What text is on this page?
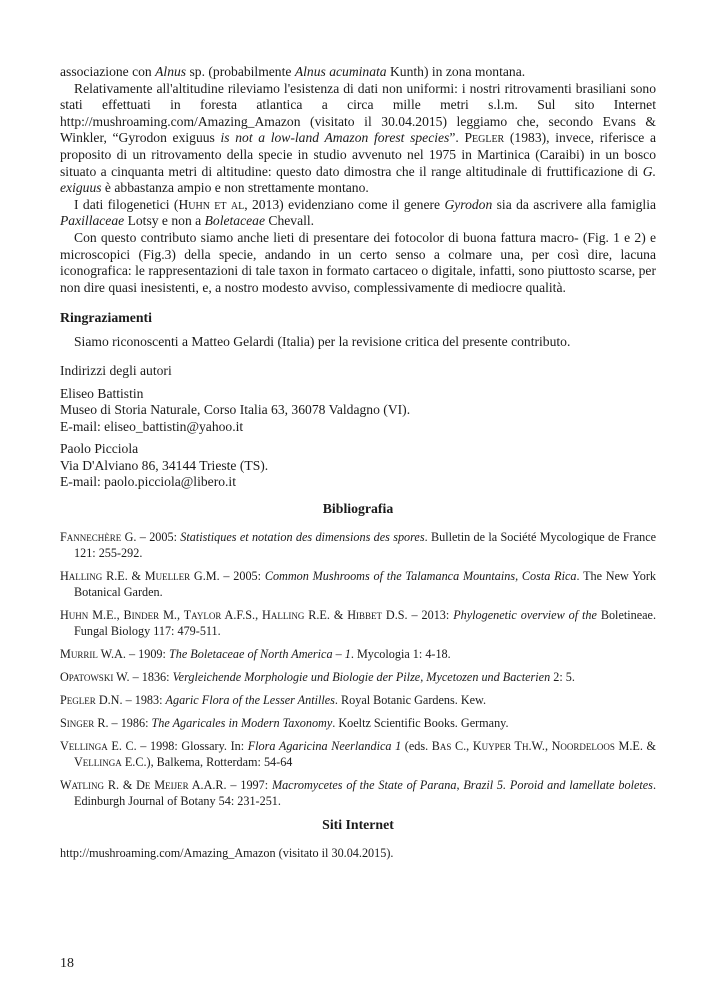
associazione con Alnus sp. (probabilmente Alnus acuminata Kunth) in zona montana.

Relativamente all'altitudine rileviamo l'esistenza di dati non uniformi: i nostri ritrovamenti brasiliani sono stati effettuati in foresta atlantica a circa mille metri s.l.m. Sul sito Internet http://mushroaming.com/Amazing_Amazon (visitato il 30.04.2015) leggiamo che, secondo Evans & Winkler, “Gyrodon exiguus is not a low-land Amazon forest species”. Pegler (1983), invece, riferisce a proposito di un ritrovamento della specie in studio avvenuto nel 1975 in Martinica (Caraibi) in un bosco situato a cinquanta metri di altitudine: questo dato dimostra che il range altitudinale di fruttificazione di G. exiguus è abbastanza ampio e non strettamente montano.

I dati filogenetici (Huhn et al, 2013) evidenziano come il genere Gyrodon sia da ascrivere alla famiglia Paxillaceae Lotsy e non a Boletaceae Chevall.

Con questo contributo siamo anche lieti di presentare dei fotocolor di buona fattura macro- (Fig. 1 e 2) e microscopici (Fig.3) della specie, andando in un certo senso a colmare una, per così dire, lacuna iconografica: le rappresentazioni di tale taxon in formato cartaceo o digitale, infatti, sono piuttosto scarse, per non dire quasi inesistenti, e, a nostro modesto avviso, complessivamente di mediocre qualità.

Ringraziamenti

Siamo riconoscenti a Matteo Gelardi (Italia) per la revisione critica del presente contributo.

Indirizzi degli autori

Eliseo Battistin

Museo di Storia Naturale, Corso Italia 63, 36078 Valdagno (VI).

E-mail: eliseo_battistin@yahoo.it

Paolo Picciola

Via D'Alviano 86, 34144 Trieste (TS).

E-mail: paolo.picciola@libero.it

Bibliografia

Fannechère G. – 2005: Statistiques et notation des dimensions des spores. Bulletin de la Société Mycologique de France 121: 255-292.

Halling R.E. & Mueller G.M. – 2005: Common Mushrooms of the Talamanca Mountains, Costa Rica. The New York Botanical Garden.

Huhn M.E., Binder M., Taylor A.F.S., Halling R.E. & Hibbet D.S. – 2013: Phylogenetic overview of the Boletineae. Fungal Biology 117: 479-511.

Murril W.A. – 1909: The Boletaceae of North America – 1. Mycologia 1: 4-18.

Opatowski W. – 1836: Vergleichende Morphologie und Biologie der Pilze, Mycetozen und Bacterien 2: 5.

Pegler D.N. – 1983: Agaric Flora of the Lesser Antilles. Royal Botanic Gardens. Kew.

Singer R. – 1986: The Agaricales in Modern Taxonomy. Koeltz Scientific Books. Germany.

Vellinga E. C. – 1998: Glossary. In: Flora Agaricina Neerlandica 1 (eds. Bas C., Kuyper Th.W., Noordeloos M.E. & Vellinga E.C.), Balkema, Rotterdam: 54-64

Watling R. & De Meijer A.A.R. – 1997: Macromycetes of the State of Parana, Brazil 5. Poroid and lamellate boletes. Edinburgh Journal of Botany 54: 231-251.

Siti Internet

http://mushroaming.com/Amazing_Amazon (visitato il 30.04.2015).

18
